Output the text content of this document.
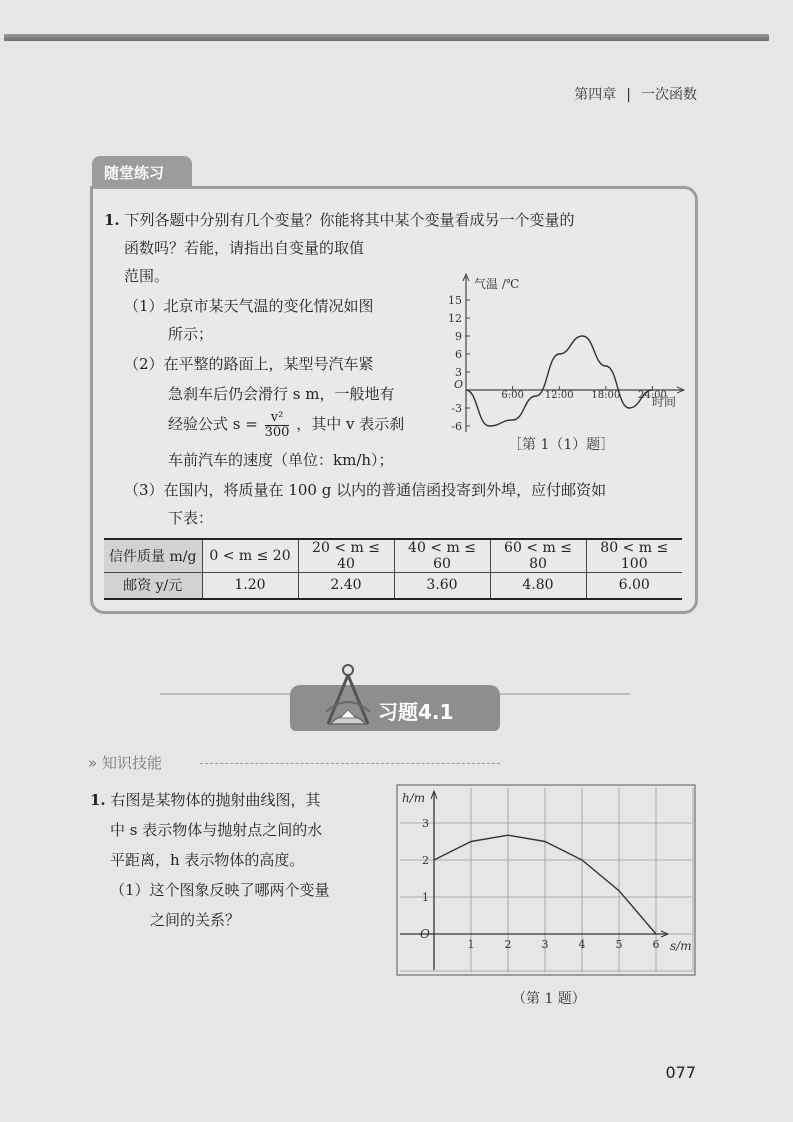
第四章 | 一次函数
随堂练习
1. 下列各题中分别有几个变量？你能将其中某个变量看成另一个变量的
函数吗？若能，请指出自变量的取值
范围。
（1）北京市某天气温的变化情况如图
所示；
（2）在平整的路面上，某型号汽车紧
急刹车后仍会滑行 s m，一般地有
经验公式 $s = \frac{\text{v²}}{300}$ ，其中 v 表示刹
车前汽车的速度（单位：km/h）；
（3）在国内，将质量在 100 g 以内的普通信函投寄到外埠，应付邮资如
下表：
气温 /℃
时间
O
15
12
9
6
3
-3
-6
6:00 12:00 18:00 24:00
［第 1（1）题］
信件质量 m/g	0 < m ≤ 20	20 < m ≤ 40	40 < m ≤ 60	60 < m ≤ 80	80 < m ≤ 100
邮资 y/元	1.20	2.40	3.60	4.80	6.00
习题4.1
» 知识技能
1. 右图是某物体的抛射曲线图，其
中 s 表示物体与抛射点之间的水
平距离，h 表示物体的高度。
（1）这个图象反映了哪两个变量
之间的关系？
h/m
s/m
O
1	2	3	4	5	6
1
2
3
（第 1 题）
077
